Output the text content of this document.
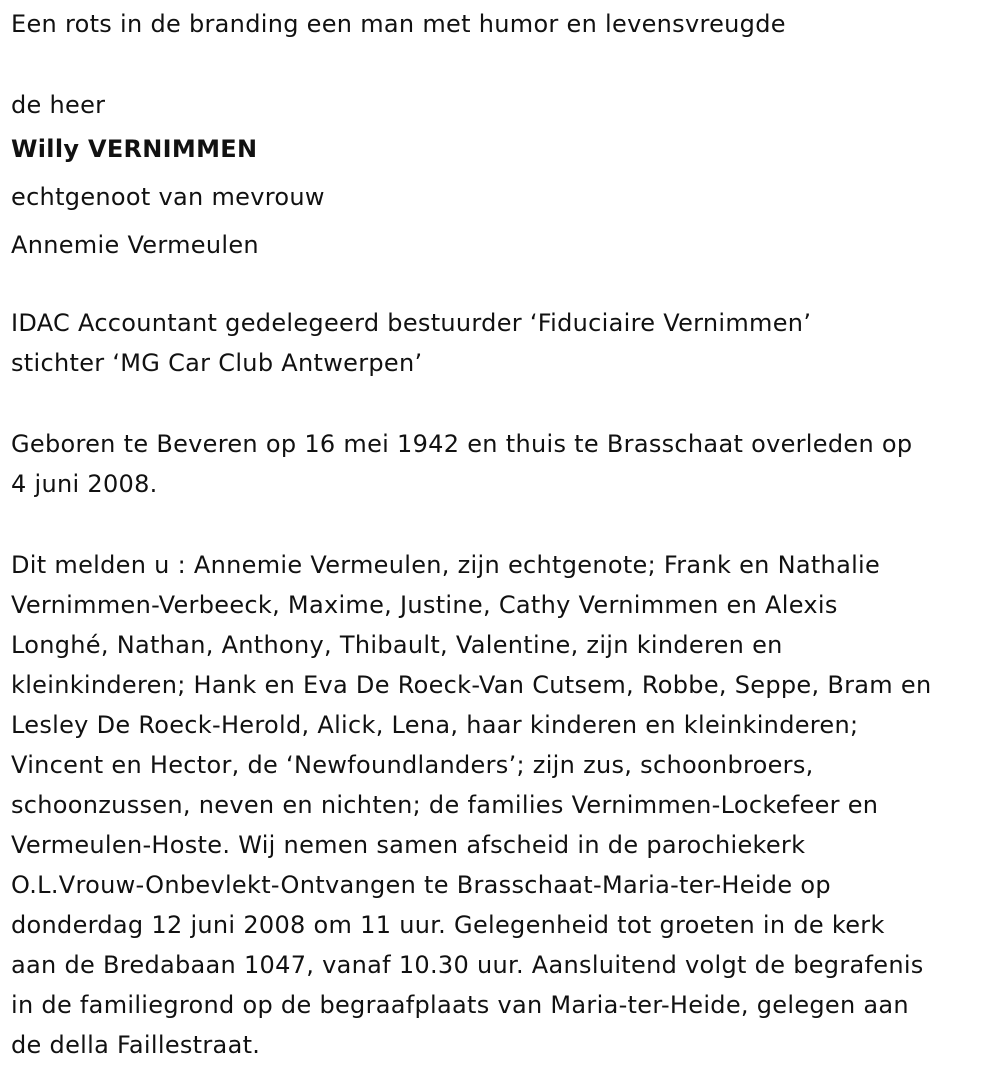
Een rots in de branding een man met humor en levensvreugde
de heer
Willy VERNIMMEN
echtgenoot van mevrouw
Annemie Vermeulen
IDAC Accountant gedelegeerd bestuurder ‘Fiduciaire Vernimmen’
stichter ‘MG Car Club Antwerpen’
Geboren te Beveren op 16 mei 1942 en thuis te Brasschaat overleden op
4 juni 2008.
Dit melden u : Annemie Vermeulen, zijn echtgenote; Frank en Nathalie
Vernimmen-Verbeeck, Maxime, Justine, Cathy Vernimmen en Alexis
Longhé, Nathan, Anthony, Thibault, Valentine, zijn kinderen en
kleinkinderen; Hank en Eva De Roeck-Van Cutsem, Robbe, Seppe, Bram en
Lesley De Roeck-Herold, Alick, Lena, haar kinderen en kleinkinderen;
Vincent en Hector, de ‘Newfoundlanders’; zijn zus, schoonbroers,
schoonzussen, neven en nichten; de families Vernimmen-Lockefeer en
Vermeulen-Hoste. Wij nemen samen afscheid in de parochiekerk
O.L.Vrouw-Onbevlekt-Ontvangen te Brasschaat-Maria-ter-Heide op
donderdag 12 juni 2008 om 11 uur. Gelegenheid tot groeten in de kerk
aan de Bredabaan 1047, vanaf 10.30 uur. Aansluitend volgt de begrafenis
in de familiegrond op de begraafplaats van Maria-ter-Heide, gelegen aan
de della Faillestraat.
